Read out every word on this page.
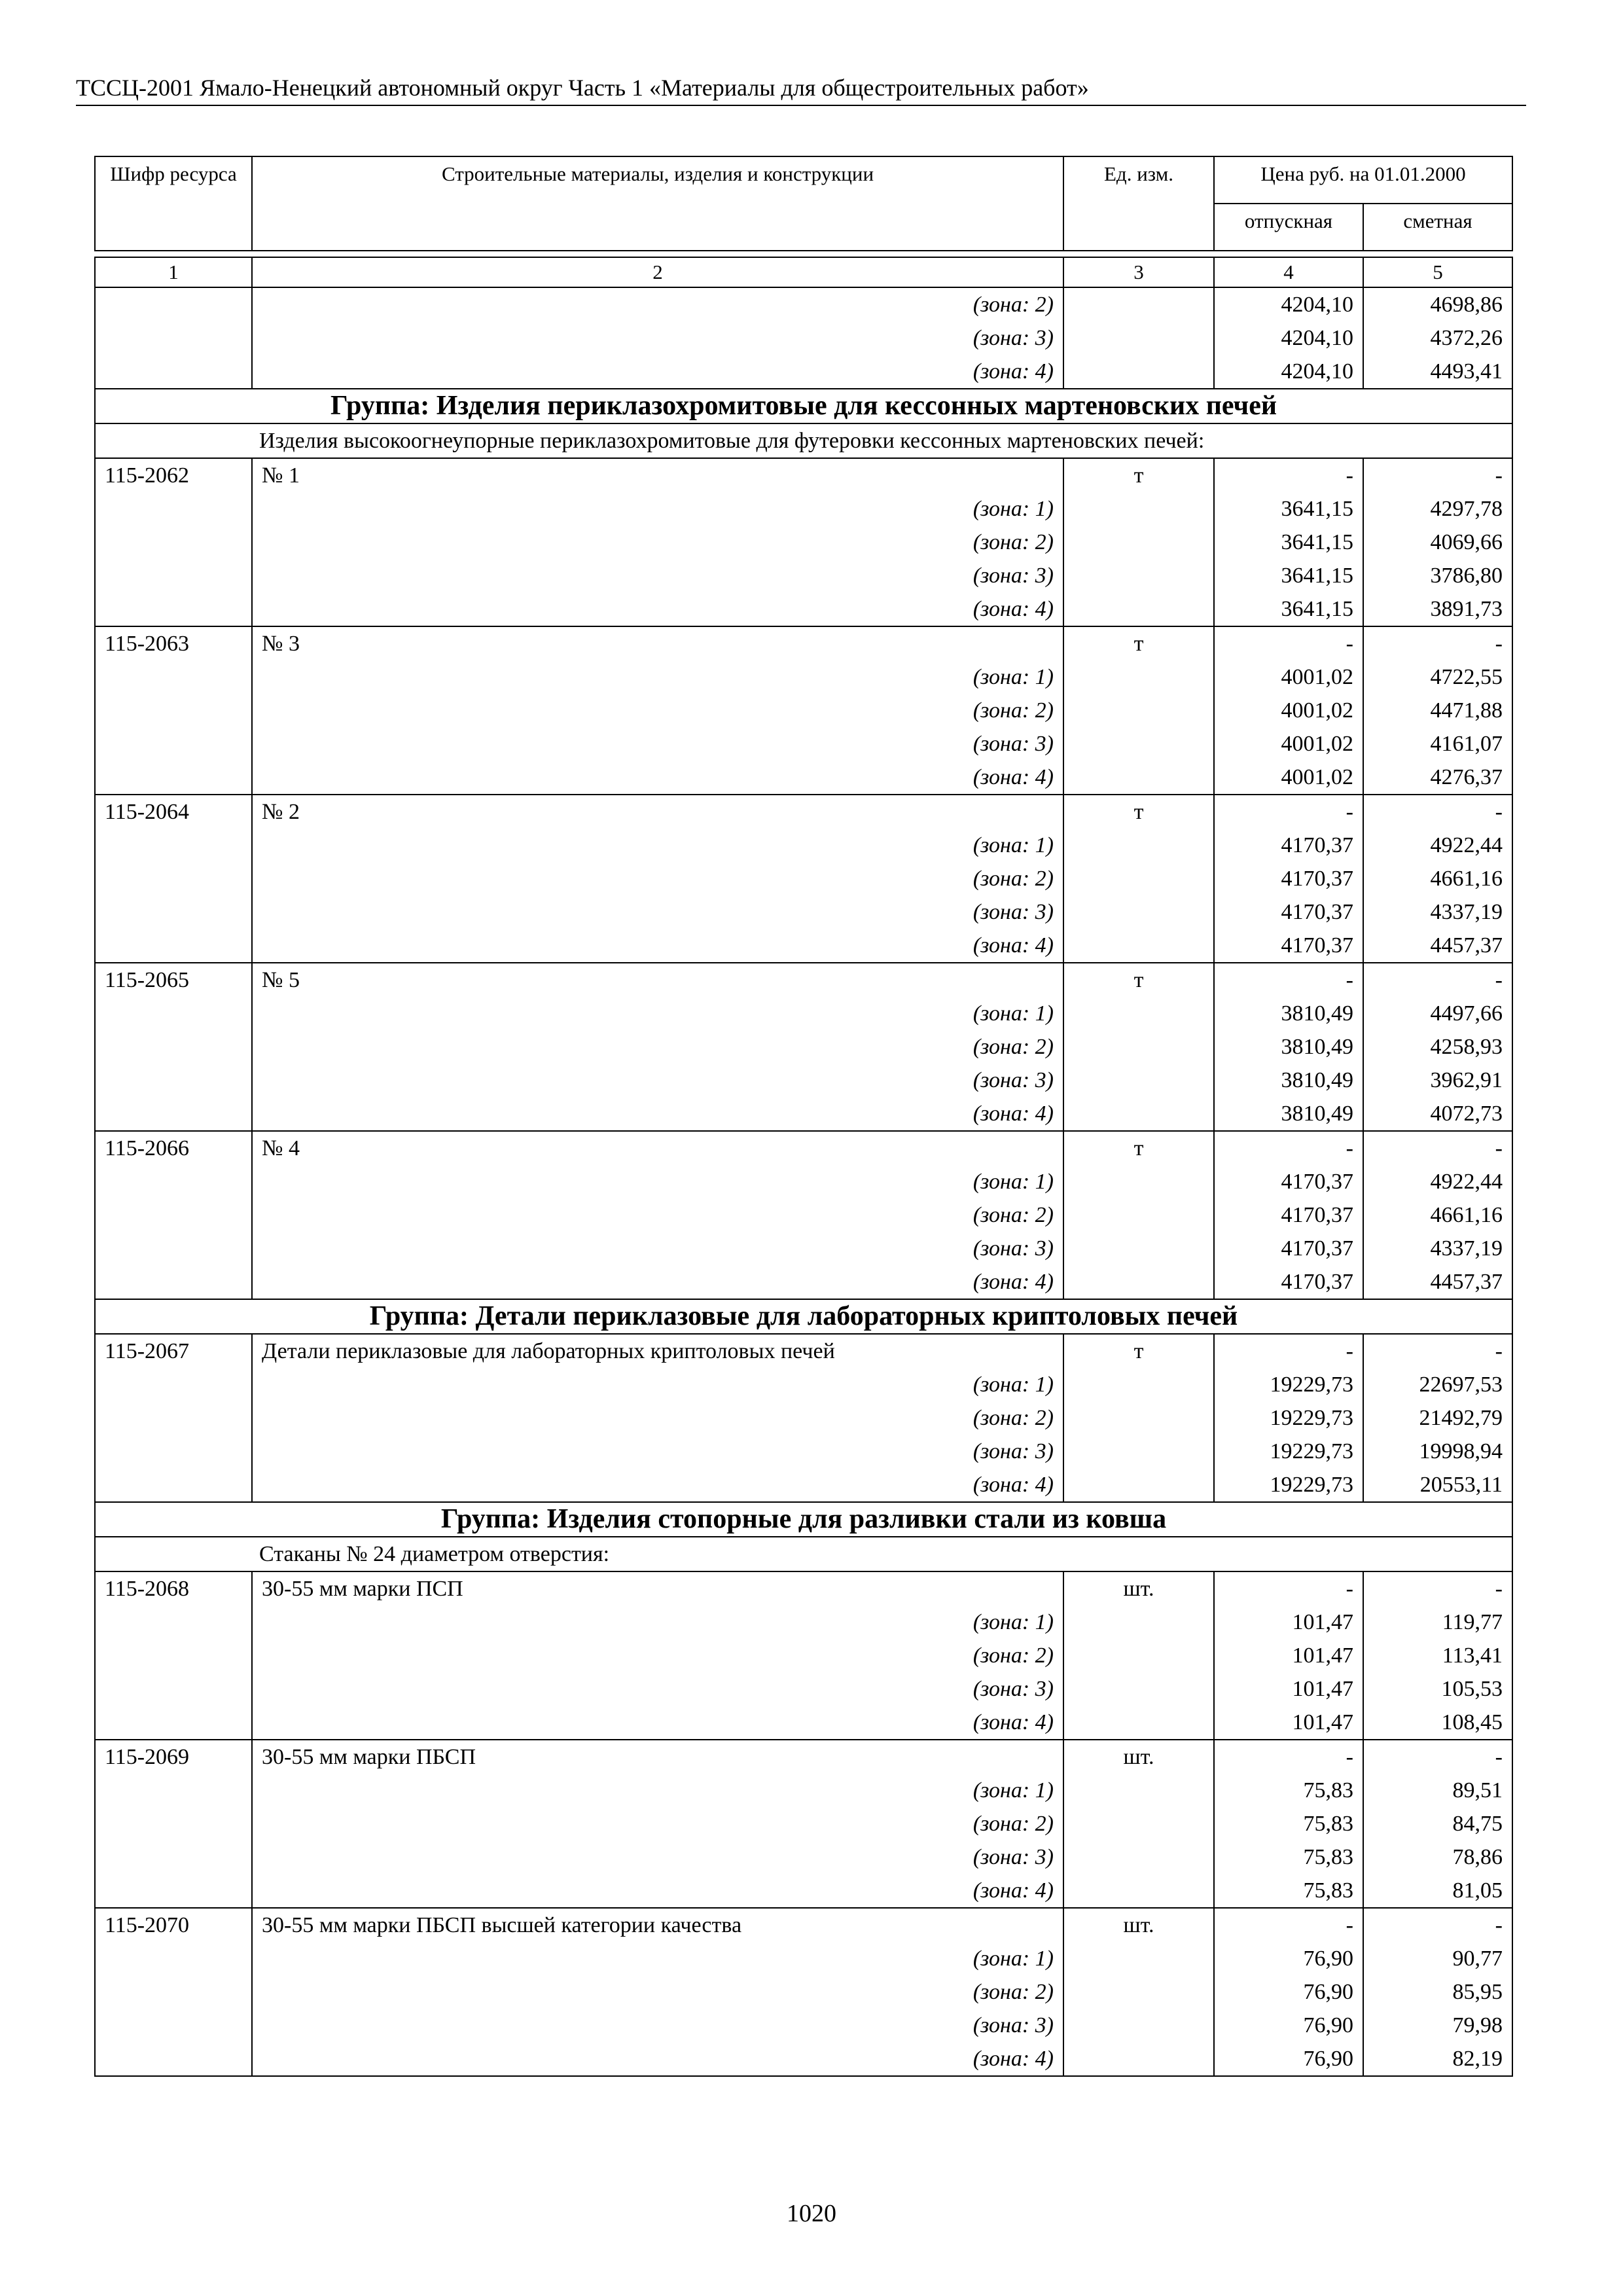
ТССЦ-2001 Ямало-Ненецкий автономный округ Часть 1 «Материалы для общестроительных работ»
Шифр ресурса	Строительные материалы, изделия и конструкции	Ед. изм.	Цена руб. на 01.01.2000	
			отпускная	сметная

1	2	3	4	5
	(зона: 2)		4204,10	4698,86
	(зона: 3)		4204,10	4372,26
	(зона: 4)		4204,10	4493,41
Группа: Изделия периклазохромитовые для кессонных мартеновских печей				
Изделия высокоогнеупорные периклазохромитовые для футеровки кессонных мартеновских печей:				
115-2062	№ 1	т	-	-
	(зона: 1)		3641,15	4297,78
	(зона: 2)		3641,15	4069,66
	(зона: 3)		3641,15	3786,80
	(зона: 4)		3641,15	3891,73
115-2063	№ 3	т	-	-
	(зона: 1)		4001,02	4722,55
	(зона: 2)		4001,02	4471,88
	(зона: 3)		4001,02	4161,07
	(зона: 4)		4001,02	4276,37
115-2064	№ 2	т	-	-
	(зона: 1)		4170,37	4922,44
	(зона: 2)		4170,37	4661,16
	(зона: 3)		4170,37	4337,19
	(зона: 4)		4170,37	4457,37
115-2065	№ 5	т	-	-
	(зона: 1)		3810,49	4497,66
	(зона: 2)		3810,49	4258,93
	(зона: 3)		3810,49	3962,91
	(зона: 4)		3810,49	4072,73
115-2066	№ 4	т	-	-
	(зона: 1)		4170,37	4922,44
	(зона: 2)		4170,37	4661,16
	(зона: 3)		4170,37	4337,19
	(зона: 4)		4170,37	4457,37
Группа: Детали периклазовые для лабораторных криптоловых печей				
115-2067	Детали периклазовые для лабораторных криптоловых печей	т	-	-
	(зона: 1)		19229,73	22697,53
	(зона: 2)		19229,73	21492,79
	(зона: 3)		19229,73	19998,94
	(зона: 4)		19229,73	20553,11
Группа: Изделия стопорные для разливки стали из ковша				
Стаканы № 24 диаметром отверстия:				
115-2068	30-55 мм марки ПСП	шт.	-	-
	(зона: 1)		101,47	119,77
	(зона: 2)		101,47	113,41
	(зона: 3)		101,47	105,53
	(зона: 4)		101,47	108,45
115-2069	30-55 мм марки ПБСП	шт.	-	-
	(зона: 1)		75,83	89,51
	(зона: 2)		75,83	84,75
	(зона: 3)		75,83	78,86
	(зона: 4)		75,83	81,05
115-2070	30-55 мм марки ПБСП высшей категории качества	шт.	-	-
	(зона: 1)		76,90	90,77
	(зона: 2)		76,90	85,95
	(зона: 3)		76,90	79,98
	(зона: 4)		76,90	82,19
1020
